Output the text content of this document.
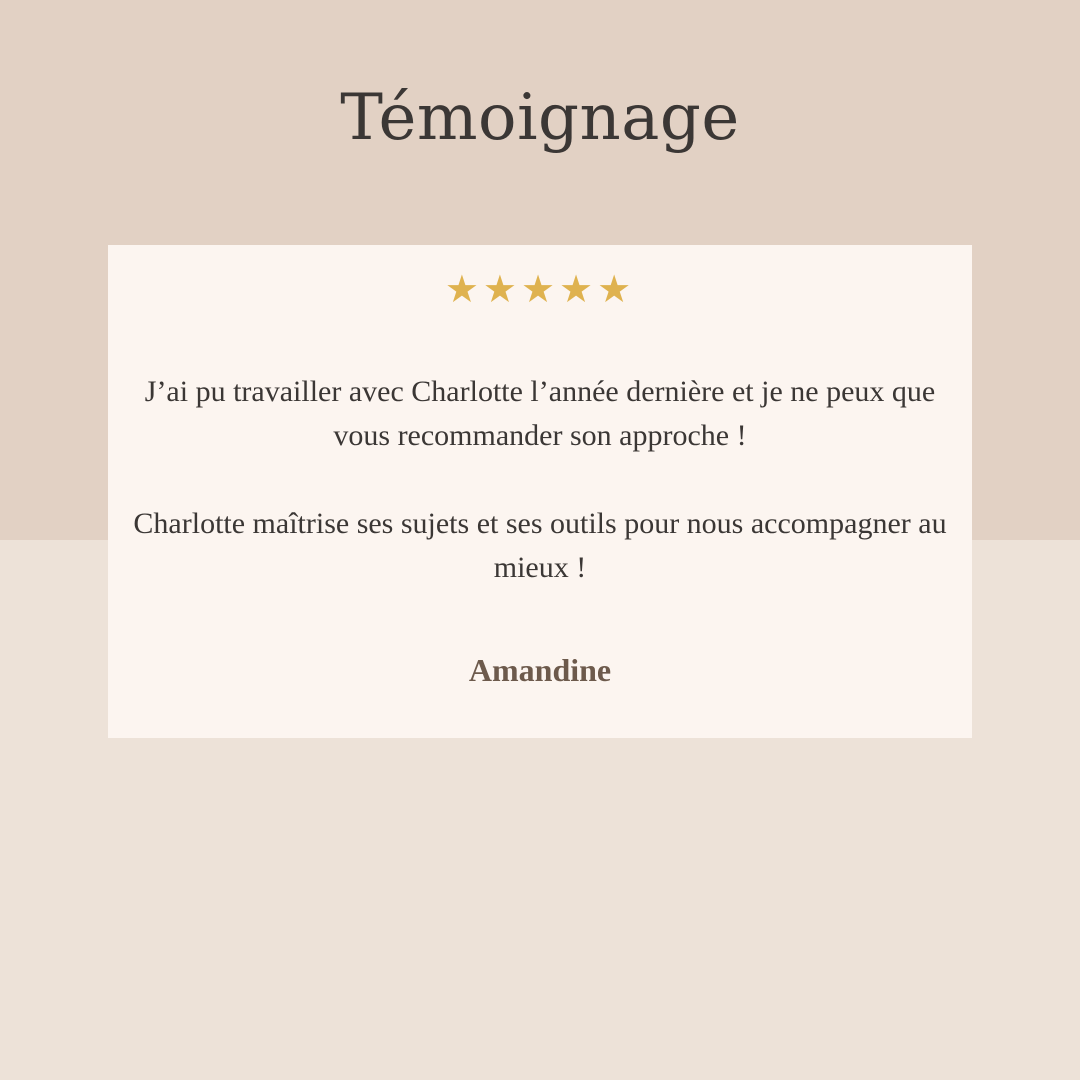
Témoignage
★★★★★

J’ai pu travailler avec Charlotte l’année dernière et je ne peux que vous recommander son approche !

Charlotte maîtrise ses sujets et ses outils pour nous accompagner au mieux !

Amandine
